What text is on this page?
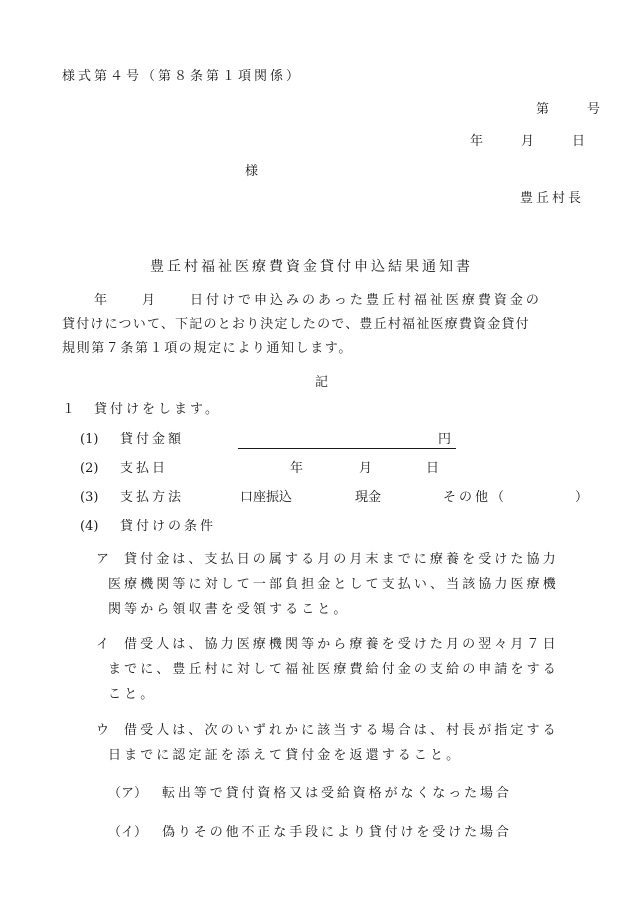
様式第４号（第８条第１項関係）
第　　号
年　　月　　日
様
豊丘村長
豊丘村福祉医療費資金貸付申込結果通知書
　　年　　月　　日付けで申込みのあった豊丘村福祉医療費資金の
貸付けについて、下記のとおり決定したので、豊丘村福祉医療費資金貸付
規則第７条第１項の規定により通知します。
記
１　貸付けをします。
(1) 貸付金額	円
(2) 支払日	年	月	日
(3) 支払方法	口座振込	現金	その他（	）
(4) 貸付けの条件
ア 貸付金は、支払日の属する月の月末までに療養を受けた協力
医療機関等に対して一部負担金として支払い、当該協力医療機
関等から領収書を受領すること。
イ 借受人は、協力医療機関等から療養を受けた月の翌々月７日
までに、豊丘村に対して福祉医療費給付金の支給の申請をする
こと。
ウ 借受人は、次のいずれかに該当する場合は、村長が指定する
日までに認定証を添えて貸付金を返還すること。
（ア） 転出等で貸付資格又は受給資格がなくなった場合
（イ） 偽りその他不正な手段により貸付けを受けた場合
